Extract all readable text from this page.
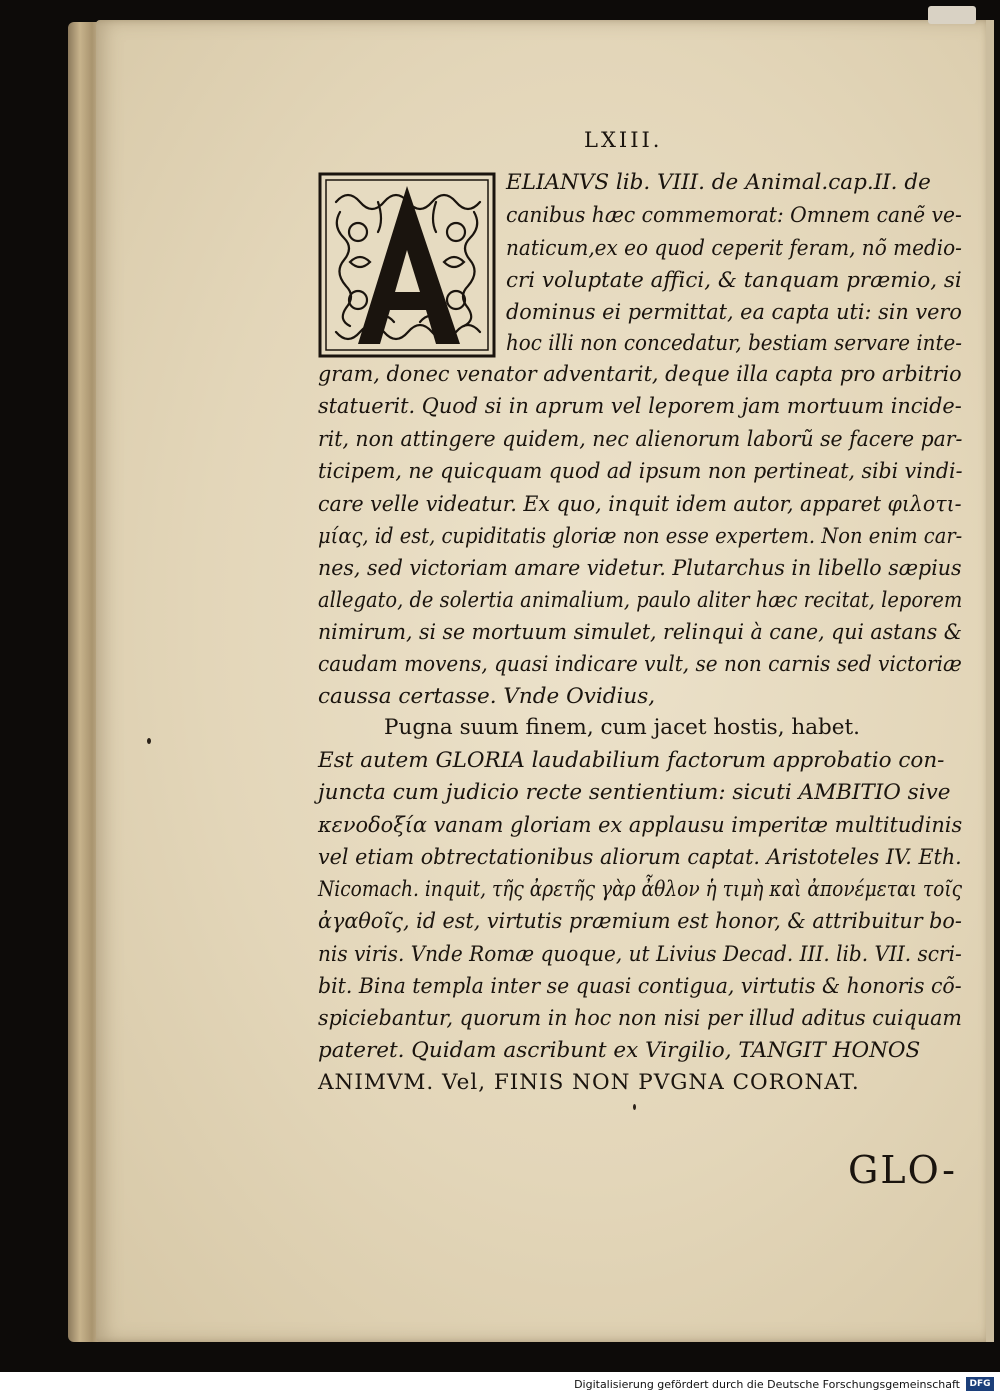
LXIII.
ELIANVS lib. VIII. de Animal.cap.II. de
canibus hæc commemorat: Omnem canẽ ve-
naticum,ex eo quod ceperit feram, nõ medio-
cri voluptate affici, & tanquam præmio, si
dominus ei permittat, ea capta uti: sin vero
hoc illi non concedatur, bestiam servare inte-
gram, donec venator adventarit, deque illa capta pro arbitrio
statuerit. Quod si in aprum vel leporem jam mortuum incide-
rit, non attingere quidem, nec alienorum laborũ se facere par-
ticipem, ne quicquam quod ad ipsum non pertineat, sibi vindi-
care velle videatur. Ex quo, inquit idem autor, apparet φιλοτι-
μίας, id est, cupiditatis gloriæ non esse expertem. Non enim car-
nes, sed victoriam amare videtur. Plutarchus in libello sæpius
allegato, de solertia animalium, paulo aliter hæc recitat, leporem
nimirum, si se mortuum simulet, relinqui à cane, qui astans &
caudam movens, quasi indicare vult, se non carnis sed victoriæ
caussa certasse. Vnde Ovidius,
Pugna suum finem, cum jacet hostis, habet.
Est autem GLORIA laudabilium factorum approbatio con-
juncta cum judicio recte sentientium: sicuti AMBITIO sive
κενοδοξία vanam gloriam ex applausu imperitæ multitudinis
vel etiam obtrectationibus aliorum captat. Aristoteles IV. Eth.
Nicomach. inquit, τῆς ἀρετῆς γὰρ ἆθλον ἡ τιμὴ καὶ ἀπονέμεται τοῖς
ἀγαθοῖς, id est, virtutis præmium est honor, & attribuitur bo-
nis viris. Vnde Romæ quoque, ut Livius Decad. III. lib. VII. scri-
bit. Bina templa inter se quasi contigua, virtutis & honoris cõ-
spiciebantur, quorum in hoc non nisi per illud aditus cuiquam
pateret. Quidam ascribunt ex Virgilio, TANGIT HONOS
ANIMVM. Vel, FINIS NON PVGNA CORONAT.
GLO-
Digitalisierung gefördert durch die Deutsche Forschungsgemeinschaft	DFG
